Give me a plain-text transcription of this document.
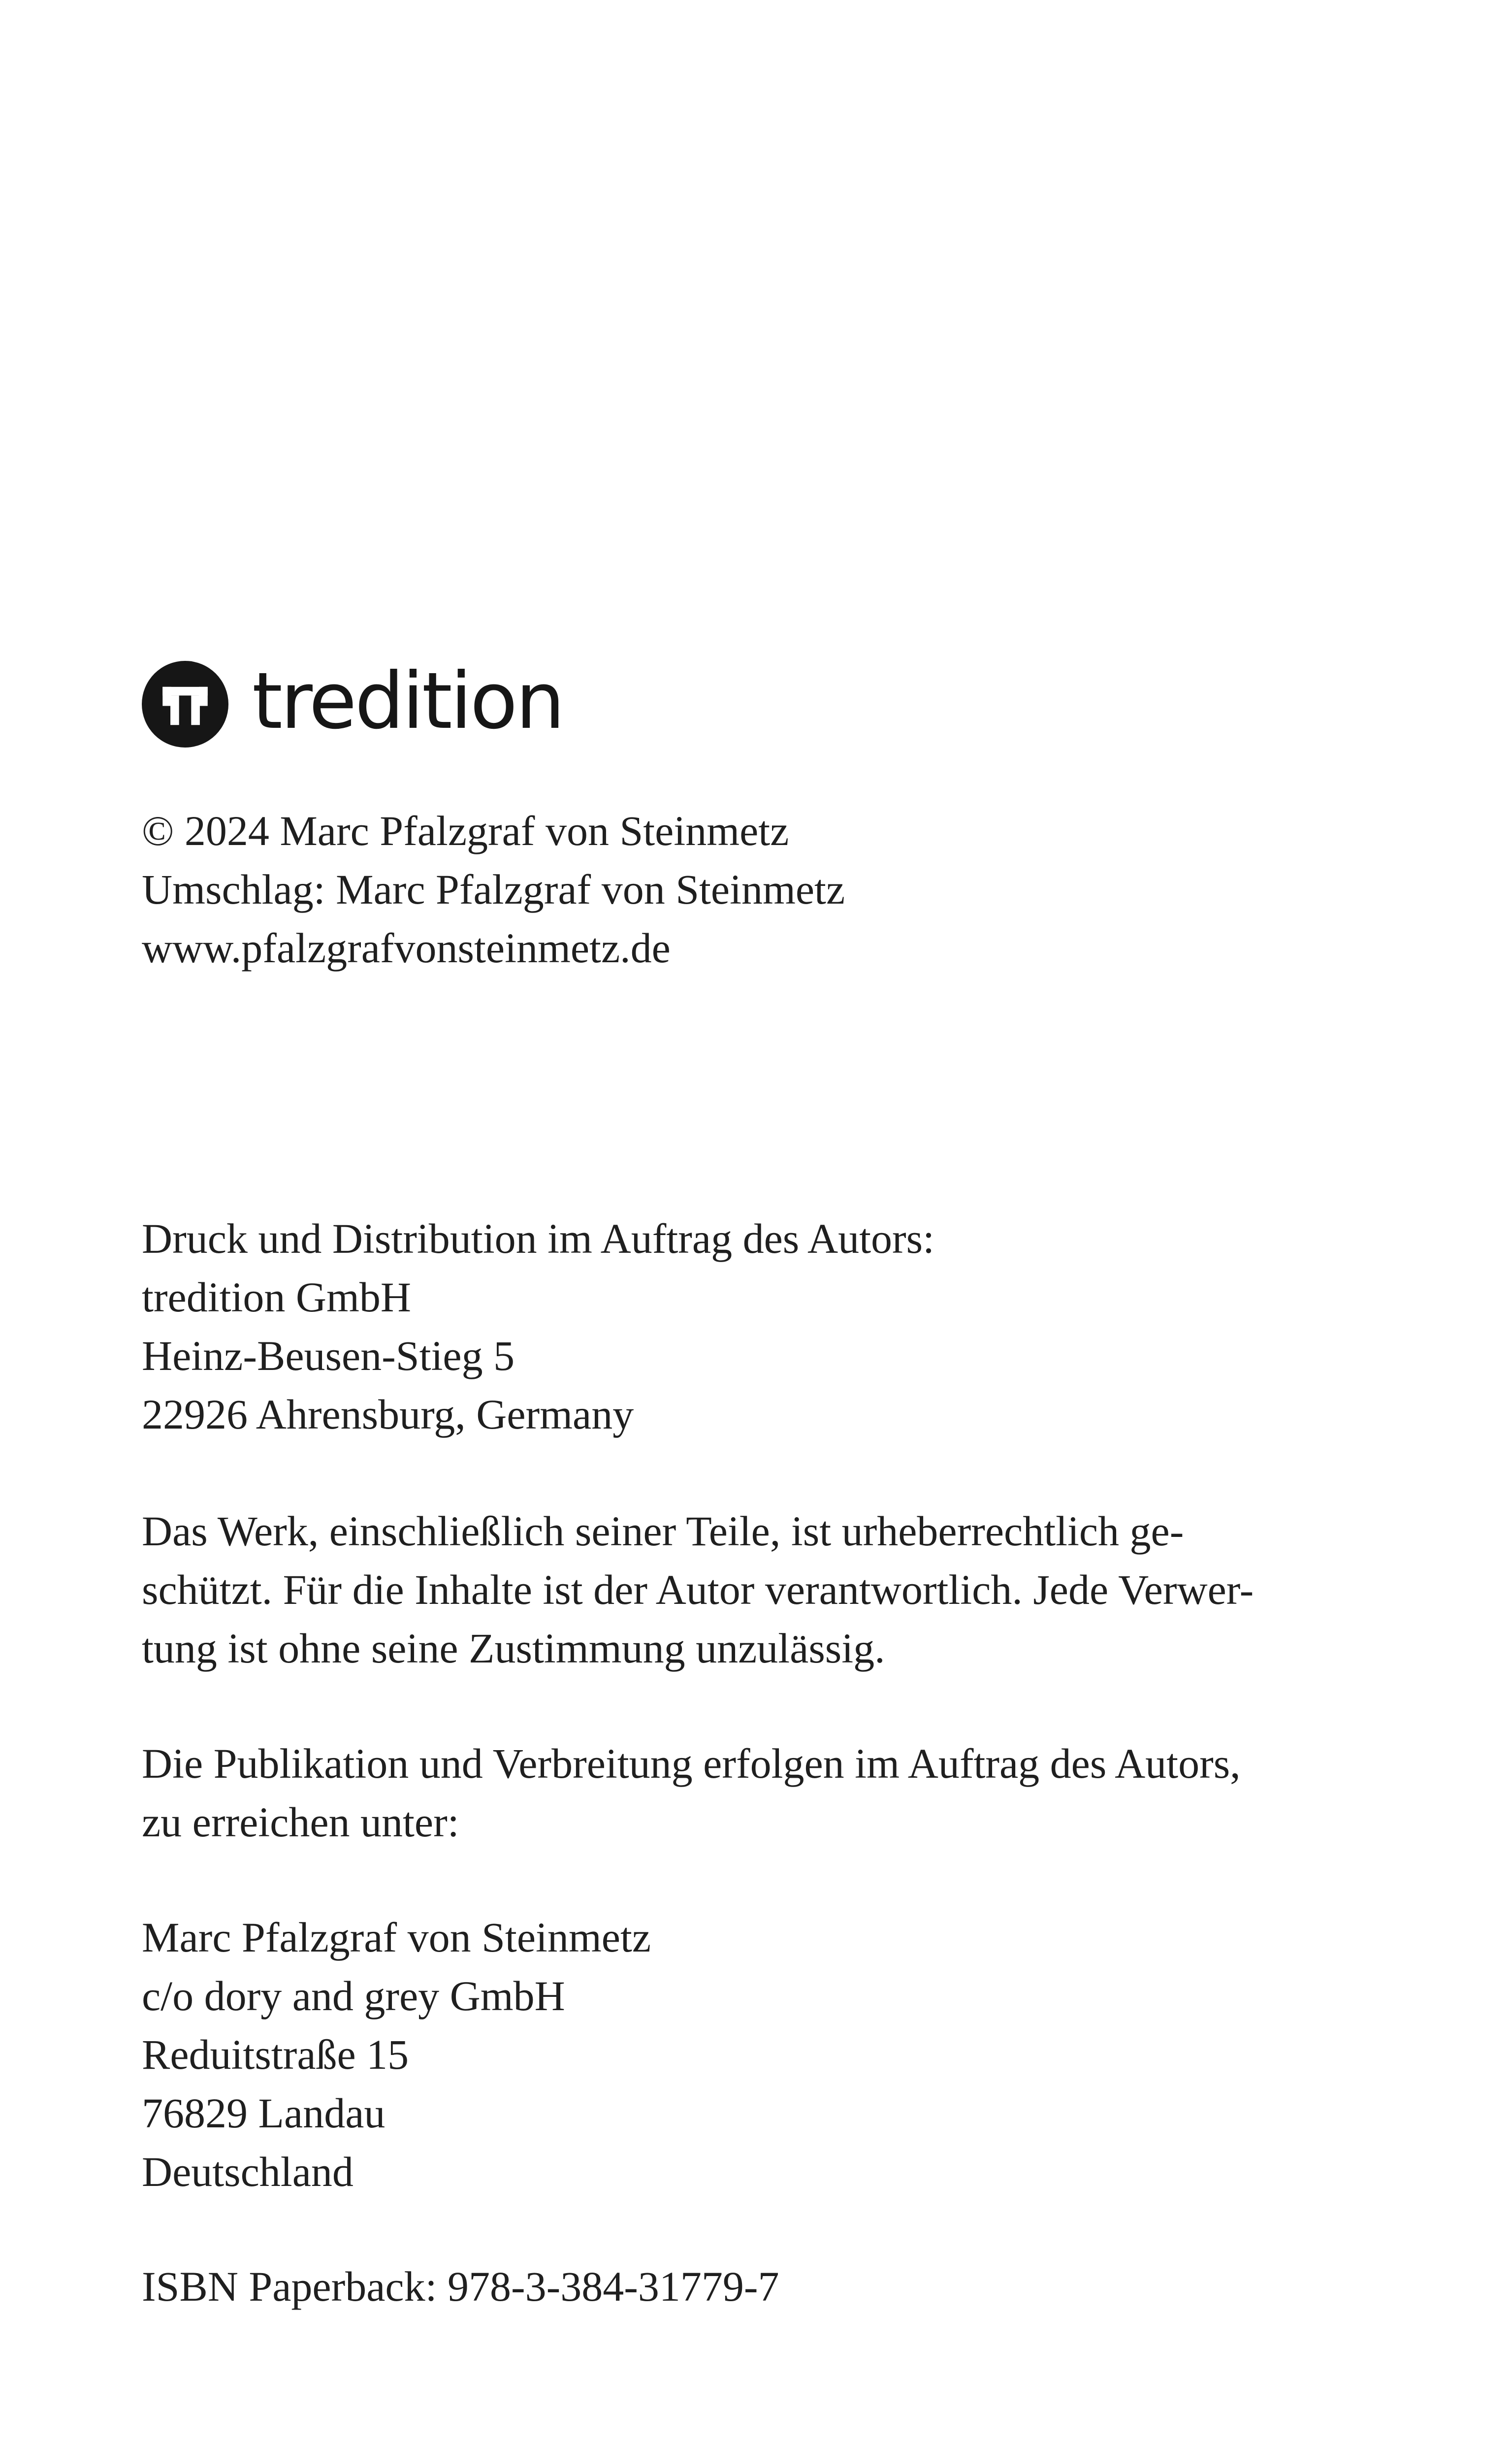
tredition
© 2024 Marc Pfalzgraf von Steinmetz
Umschlag: Marc Pfalzgraf von Steinmetz
www.pfalzgrafvonsteinmetz.de
Druck und Distribution im Auftrag des Autors:
tredition GmbH
Heinz-Beusen-Stieg 5
22926 Ahrensburg, Germany
Das Werk, einschließlich seiner Teile, ist urheberrechtlich ge-
schützt. Für die Inhalte ist der Autor verantwortlich. Jede Verwer-
tung ist ohne seine Zustimmung unzulässig.
Die Publikation und Verbreitung erfolgen im Auftrag des Autors,
zu erreichen unter:
Marc Pfalzgraf von Steinmetz
c/o dory and grey GmbH
Reduitstraße 15
76829 Landau
Deutschland
ISBN Paperback: 978-3-384-31779-7
